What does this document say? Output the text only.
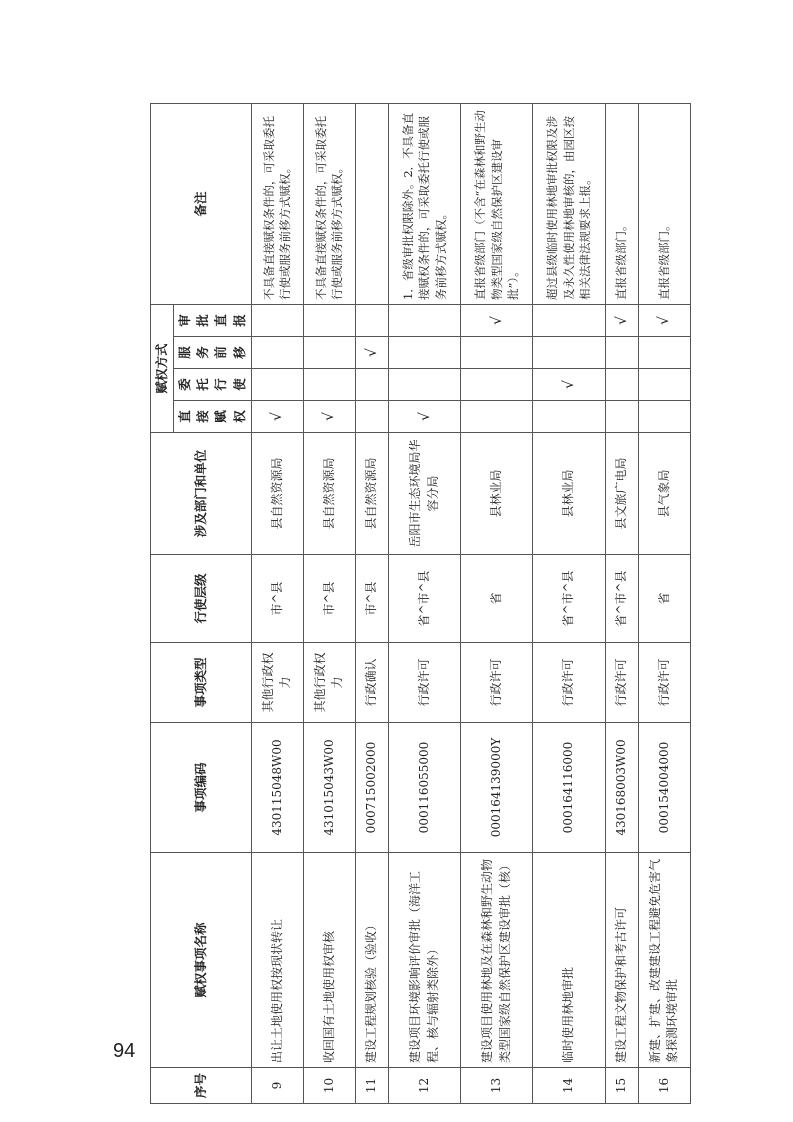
序号	赋权事项名称	事项编码	事项类型	行使层级	涉及部门和单位	赋权方式				备注
						直接赋权	委托行使	服务前移	审批直报	
9	出让土地使用权按现状转让	430115048W00	其他行政权力	市^县	县自然资源局	√				不具备直接赋权条件的，可采取委托行使或服务前移方式赋权。
10	收回国有土地使用权审核	431015043W00	其他行政权力	市^县	县自然资源局	√				不具备直接赋权条件的，可采取委托行使或服务前移方式赋权。
11	建设工程规划核验（验收）	000715002000	行政确认	市^县	县自然资源局			√		
12	建设项目环境影响评价审批（海洋工程、核与辐射类除外）	000116055000	行政许可	省^市^县	岳阳市生态环境局华容分局	√				1．省级审批权限除外。2．不具备直接赋权条件的，可采取委托行使或服务前移方式赋权。
13	建设项目使用林地及在森林和野生动物类型国家级自然保护区建设审批（核）	000164139000Y	行政许可	省	县林业局				√	直报省级部门（不含“在森林和野生动物类型国家级自然保护区建设审批”）。
14	临时使用林地审批	000164116000	行政许可	省^市^县	县林业局		√			超过县级临时使用林地审批权限及涉及永久性使用林地审核的，由园区按相关法律法规要求上报。
15	建设工程文物保护和考古许可	430168003W00	行政许可	省^市^县	县文旅广电局				√	直报省级部门。
16	新建、扩建、改建建设工程避免危害气象探测环境审批	000154004000	行政许可	省	县气象局				√	直报省级部门。
94
